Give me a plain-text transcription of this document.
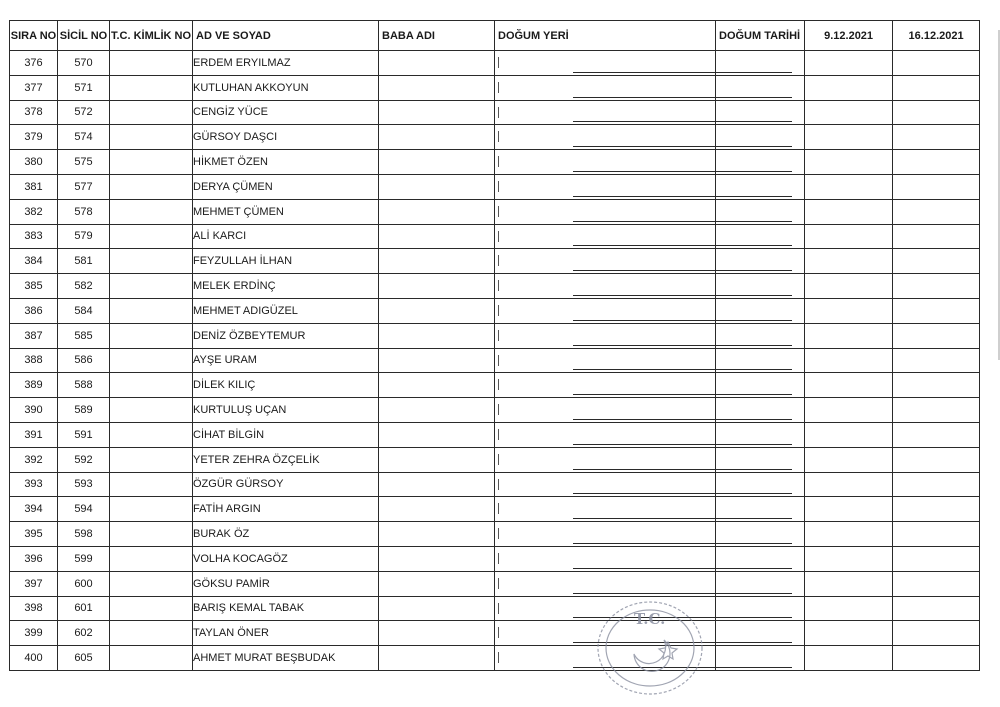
SIRA NO	SİCİL NO	T.C. KİMLİK NO	AD VE SOYAD	BABA ADI	DOĞUM YERİ	DOĞUM TARİHİ	9.12.2021	16.12.2021
376	570		ERDEM ERYILMAZ		

377	571		KUTLUHAN AKKOYUN		

378	572		CENGİZ YÜCE		

379	574		GÜRSOY DAŞCI		

380	575		HİKMET ÖZEN		

381	577		DERYA ÇÜMEN		

382	578		MEHMET ÇÜMEN		

383	579		ALİ KARCI		

384	581		FEYZULLAH İLHAN		

385	582		MELEK ERDİNÇ		

386	584		MEHMET ADIGÜZEL		

387	585		DENİZ ÖZBEYTEMUR		

388	586		AYŞE URAM		

389	588		DİLEK KILIÇ		

390	589		KURTULUŞ UÇAN		

391	591		CİHAT BİLGİN		

392	592		YETER ZEHRA ÖZÇELİK		

393	593		ÖZGÜR GÜRSOY		

394	594		FATİH ARGIN		

395	598		BURAK ÖZ		

396	599		VOLHA KOCAGÖZ		

397	600		GÖKSU PAMİR		

398	601		BARIŞ KEMAL TABAK		

399	602		TAYLAN ÖNER		

400	605		AHMET MURAT BEŞBUDAK		

T.C.
